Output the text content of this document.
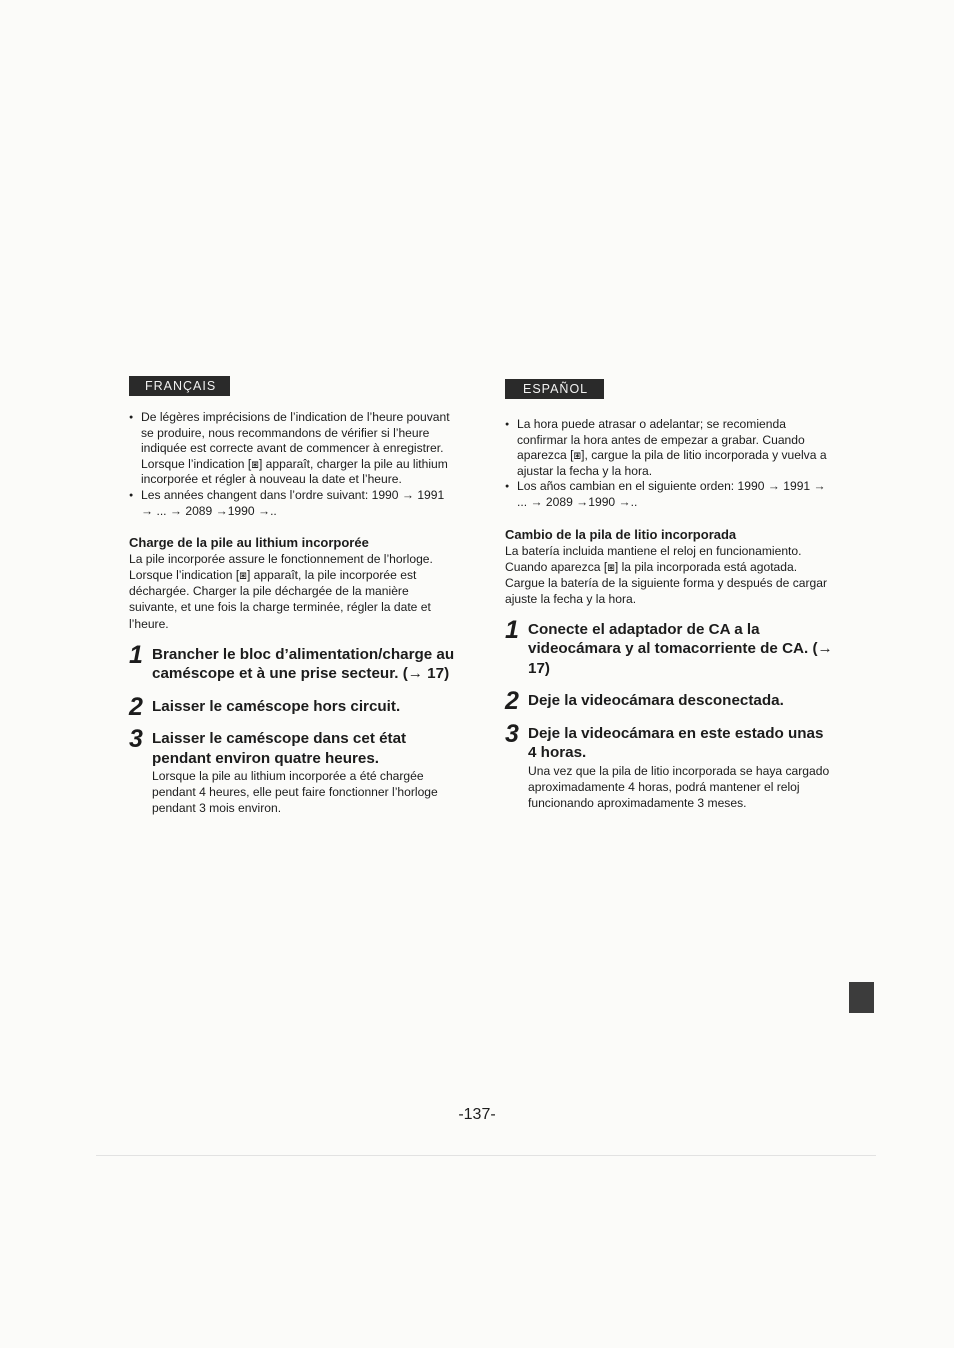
FRANÇAIS
● De légères imprécisions de l’indication de l’heure pouvant se produire, nous recommandons de vérifier si l’heure indiquée est correcte avant de commencer à enregistrer. Lorsque l’indication [⧆] apparaît, charger la pile au lithium incorporée et régler à nouveau la date et l’heure.
● Les années changent dans l’ordre suivant: 1990 → 1991 → ... → 2089 →1990 →..
Charge de la pile au lithium incorporée
La pile incorporée assure le fonctionnement de l’horloge. Lorsque l’indication [⧆] apparaît, la pile incorporée est déchargée. Charger la pile déchargée de la manière suivante, et une fois la charge terminée, régler la date et l’heure.
1 Brancher le bloc d’alimentation/charge au caméscope et à une prise secteur. (→ 17)
2 Laisser le caméscope hors circuit.
3 Laisser le caméscope dans cet état pendant environ quatre heures.
Lorsque la pile au lithium incorporée a été chargée pendant 4 heures, elle peut faire fonctionner l’horloge pendant 3 mois environ.
ESPAÑOL
● La hora puede atrasar o adelantar; se recomienda confirmar la hora antes de empezar a grabar. Cuando aparezca [⧆], cargue la pila de litio incorporada y vuelva a ajustar la fecha y la hora.
● Los años cambian en el siguiente orden: 1990 → 1991 → ... → 2089 →1990 →..
Cambio de la pila de litio incorporada
La batería incluida mantiene el reloj en funcionamiento. Cuando aparezca [⧆] la pila incorporada está agotada. Cargue la batería de la siguiente forma y después de cargar ajuste la fecha y la hora.
1 Conecte el adaptador de CA a la videocámara y al tomacorriente de CA. (→ 17)
2 Deje la videocámara desconectada.
3 Deje la videocámara en este estado unas 4 horas.
Una vez que la pila de litio incorporada se haya cargado aproximadamente 4 horas, podrá mantener el reloj funcionando aproximadamente 3 meses.
-137-
